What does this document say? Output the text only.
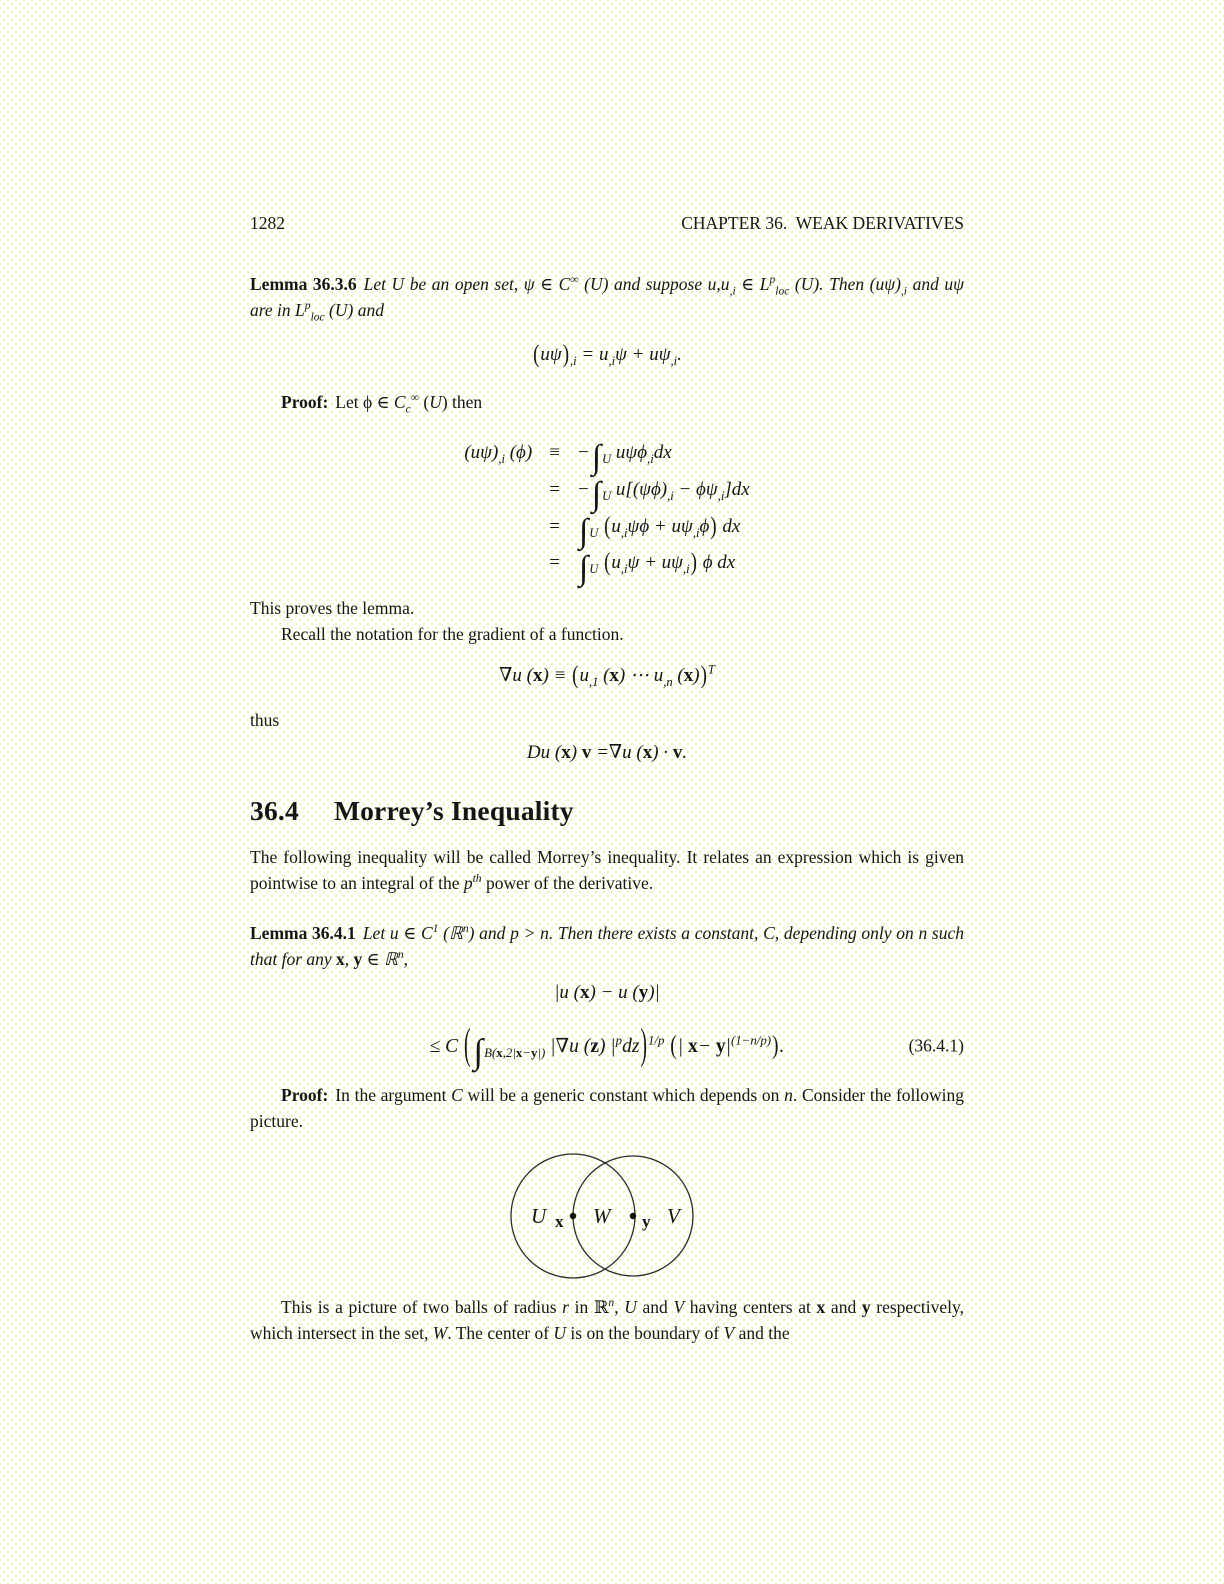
1282	CHAPTER 36.  WEAK DERIVATIVES

Lemma 36.3.6 Let U be an open set, ψ ∈ C∞ (U) and suppose $u,u_{,i}$ ∈ $L^p_{loc}$ (U). Then $(u\psi)_{,i}$ and uψ are in $L^p_{loc}$ (U) and

$(u\psi)_{,i} = u_{,i}\psi + u\psi_{,i}$.

Proof: Let ϕ ∈ $C_c^\infty$ (U) then

$(u\psi)_{,i}$ (ϕ)	≡	$-\int_U$ uψϕ$_{,i}$dx
	=	$-\int_U$ $u[(\psi\phi)_{,i} - \phi\psi_{,i}]dx$
	=	$\int_U$ $(u_{,i}\psi\phi + u\psi_{,i}\phi)$ dx
	=	$\int_U$ $(u_{,i}\psi + u\psi_{,i})$ ϕ dx

This proves the lemma.

Recall the notation for the gradient of a function.

∇u $(x) \equiv (u_{,1}$ (x) ⋯ $u_{,n}$ (x))$^T$

thus

Du (x) v =∇u (x) · v.
36.4 Morrey’s Inequality

The following inequality will be called Morrey’s inequality. It relates an expression which is given pointwise to an integral of the $p^{th}$ power of the derivative.

Lemma 36.4.1 Let u ∈ $C^1$ (ℝ$^n$) and p > n. Then there exists a constant, C, depending only on n such that for any x, y ∈ ℝ$^n$,

|u (x) − u (y)|
≤ C ($\int_{B(x,2|x-y|)}$ |∇u (z) $|^pdz)^{1/p}$ (| $x- y|^{(1-n/p)}$).	(36.4.1)

Proof: In the argument C will be a generic constant which depends on n. Consider the following picture.

U x W y V

This is a picture of two balls of radius r in ℝ$^n$, U and V having centers at x and y respectively, which intersect in the set, W. The center of U is on the boundary of V and the
